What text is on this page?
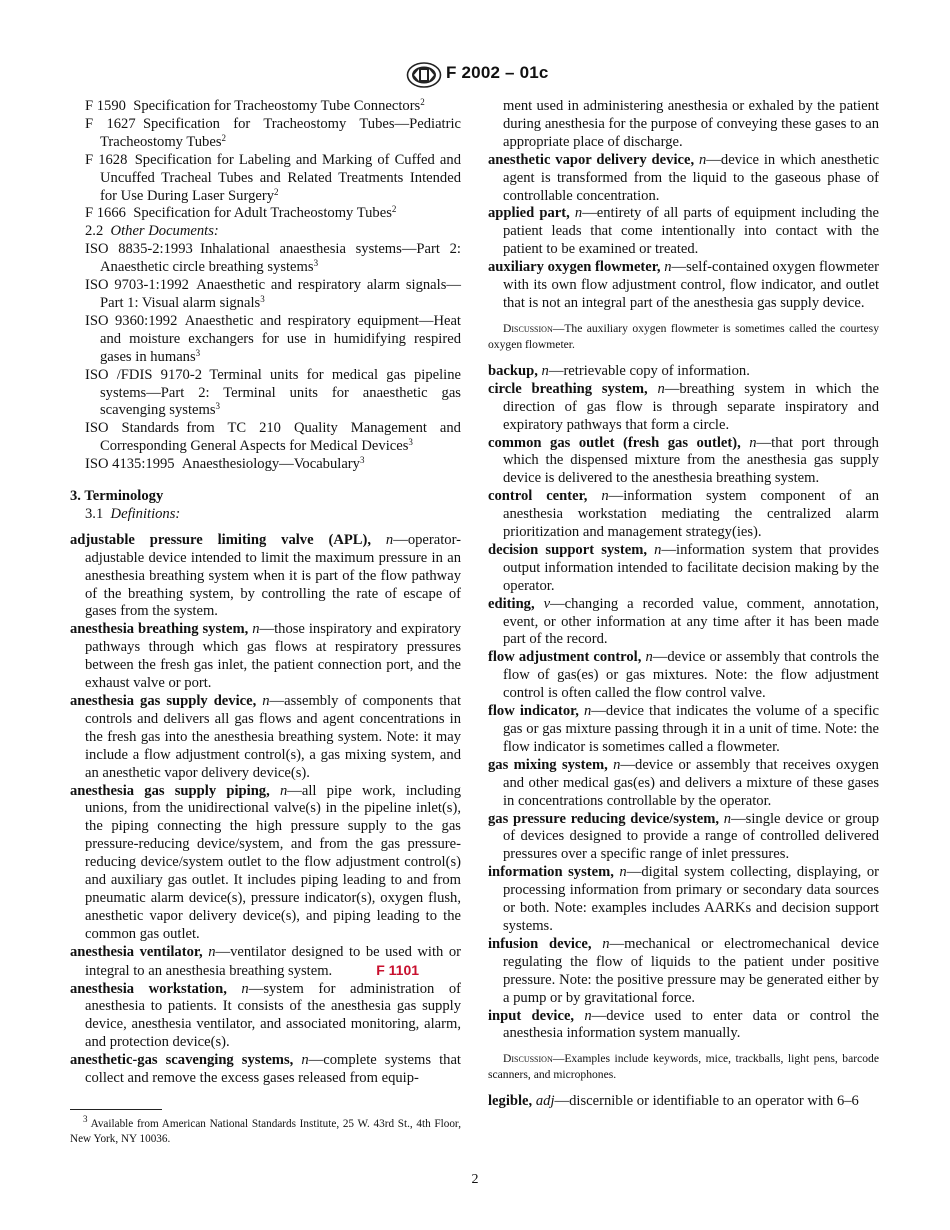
F 2002 – 01c

F 1590  Specification for Tracheostomy Tube Connectors$^2$

F 1627  Specification for Tracheostomy Tubes—Pediatric Tracheostomy Tubes$^2$

F 1628  Specification for Labeling and Marking of Cuffed and Uncuffed Tracheal Tubes and Related Treatments Intended for Use During Laser Surgery$^2$

F 1666  Specification for Adult Tracheostomy Tubes$^2$

2.2 Other Documents:

ISO 8835-2:1993  Inhalational anaesthesia systems—Part 2: Anaesthetic circle breathing systems$^3$

ISO 9703-1:1992  Anaesthetic and respiratory alarm signals—Part 1: Visual alarm signals$^3$

ISO 9360:1992  Anaesthetic and respiratory equipment—Heat and moisture exchangers for use in humidifying respired gases in humans$^3$

ISO /FDIS 9170-2  Terminal units for medical gas pipeline systems—Part 2: Terminal units for anaesthetic gas scavenging systems$^3$

ISO Standards  from TC 210 Quality Management and Corresponding General Aspects for Medical Devices$^3$

ISO 4135:1995  Anaesthesiology—Vocabulary$^3$

3. Terminology

3.1 Definitions:

adjustable pressure limiting valve (APL), n—operator-adjustable device intended to limit the maximum pressure in an anesthesia breathing system when it is part of the flow pathway of the breathing system, by controlling the rate of escape of gases from the system.

anesthesia breathing system, n—those inspiratory and expiratory pathways through which gas flows at respiratory pressures between the fresh gas inlet, the patient connection port, and the exhaust valve or port.

anesthesia gas supply device, n—assembly of components that controls and delivers all gas flows and agent concentrations in the fresh gas into the anesthesia breathing system. Note: it may include a flow adjustment control(s), a gas mixing system, and an anesthetic vapor delivery device(s).

anesthesia gas supply piping, n—all pipe work, including unions, from the unidirectional valve(s) in the pipeline inlet(s), the piping connecting the high pressure supply to the gas pressure-reducing device/system, and from the gas pressure-reducing device/system outlet to the flow adjustment control(s) and auxiliary gas outlet. It includes piping leading to and from pneumatic alarm device(s), pressure indicator(s), oxygen flush, anesthetic vapor delivery device(s), and piping leading to the common gas outlet.

anesthesia ventilator, n—ventilator designed to be used with or integral to an anesthesia breathing system.	F 1101

anesthesia workstation, n—system for administration of anesthesia to patients. It consists of the anesthesia gas supply device, anesthesia ventilator, and associated monitoring, alarm, and protection device(s).

anesthetic-gas scavenging systems, n—complete systems that collect and remove the excess gases released from equip-

$^3$ Available from American National Standards Institute, 25 W. 43rd St., 4th Floor, New York, NY 10036.

ment used in administering anesthesia or exhaled by the patient during anesthesia for the purpose of conveying these gases to an appropriate place of discharge.

anesthetic vapor delivery device, n—device in which anesthetic agent is transformed from the liquid to the gaseous phase of controllable concentration.

applied part, n—entirety of all parts of equipment including the patient leads that come intentionally into contact with the patient to be examined or treated.

auxiliary oxygen flowmeter, n—self-contained oxygen flowmeter with its own flow adjustment control, flow indicator, and outlet that is not an integral part of the anesthesia gas supply device.

Discussion—The auxiliary oxygen flowmeter is sometimes called the courtesy oxygen flowmeter.

backup, n—retrievable copy of information.

circle breathing system, n—breathing system in which the direction of gas flow is through separate inspiratory and expiratory pathways that form a circle.

common gas outlet (fresh gas outlet), n—that port through which the dispensed mixture from the anesthesia gas supply device is delivered to the anesthesia breathing system.

control center, n—information system component of an anesthesia workstation mediating the centralized alarm prioritization and management strategy(ies).

decision support system, n—information system that provides output information intended to facilitate decision making by the operator.

editing, v—changing a recorded value, comment, annotation, event, or other information at any time after it has been made part of the record.

flow adjustment control, n—device or assembly that controls the flow of gas(es) or gas mixtures. Note: the flow adjustment control is often called the flow control valve.

flow indicator, n—device that indicates the volume of a specific gas or gas mixture passing through it in a unit of time. Note: the flow indicator is sometimes called a flowmeter.

gas mixing system, n—device or assembly that receives oxygen and other medical gas(es) and delivers a mixture of these gases in concentrations controllable by the operator.

gas pressure reducing device/system, n—single device or group of devices designed to provide a range of controlled delivered pressures over a specific range of inlet pressures.

information system, n—digital system collecting, displaying, or processing information from primary or secondary data sources or both. Note: examples includes AARKs and decision support systems.

infusion device, n—mechanical or electromechanical device regulating the flow of liquids to the patient under positive pressure. Note: the positive pressure may be generated either by a pump or by gravitational force.

input device, n—device used to enter data or control the anesthesia information system manually.

Discussion—Examples include keywords, mice, trackballs, light pens, barcode scanners, and microphones.

legible, adj—discernible or identifiable to an operator with 6–6

2
